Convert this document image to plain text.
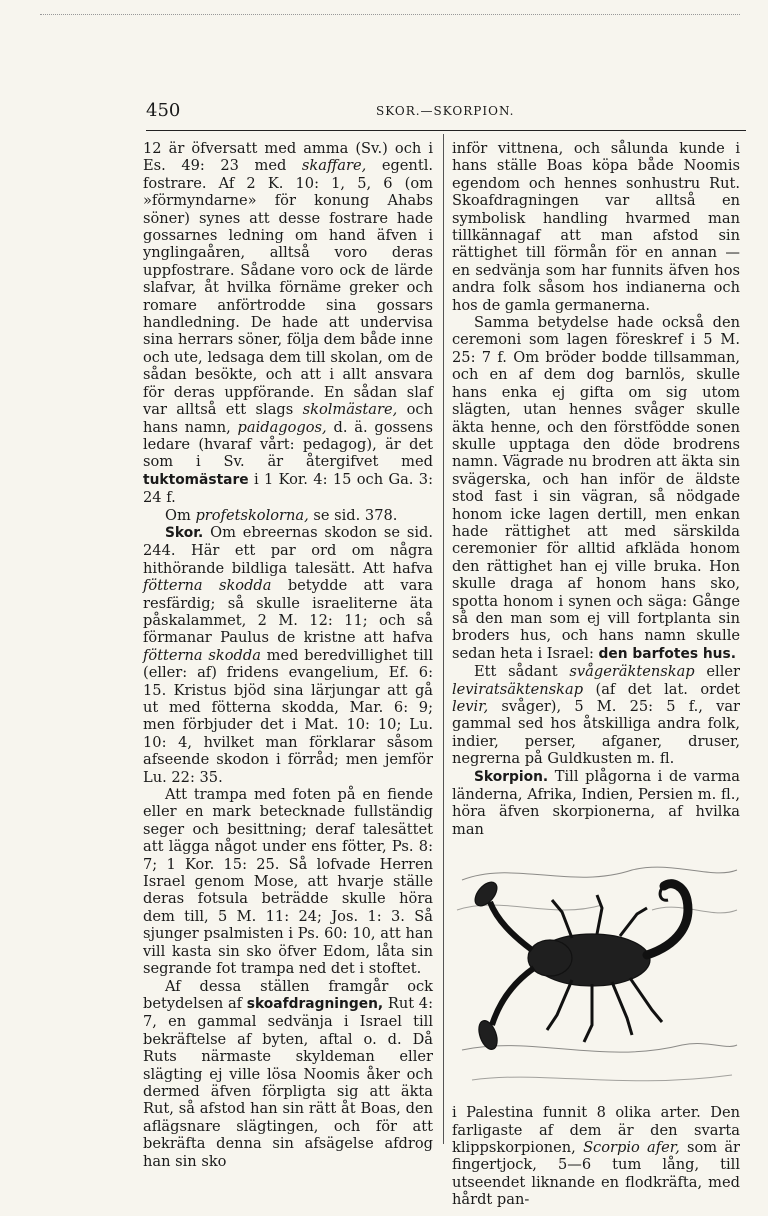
450	SKOR.—SKORPION.

12 är öfversatt med amma (Sv.) och i Es. 49: 23 med skaffare, egentl. fostrare. Af 2 K. 10: 1, 5, 6 (om »förmyndarne» för konung Ahabs söner) synes att desse fostrare hade gossarnes ledning om hand äfven i ynglingaåren, alltså voro deras uppfostrare. Sådane voro ock de lärde slafvar, åt hvilka förnäme greker och romare anförtrodde sina gossars handledning. De hade att undervisa sina herrars söner, följa dem både inne och ute, ledsaga dem till skolan, om de sådan besökte, och att i allt ansvara för deras uppförande. En sådan slaf var alltså ett slags skolmästare, och hans namn, paidagogos, d. ä. gossens ledare (hvaraf vårt: pedagog), är det som i Sv. är återgifvet med tuktomästare i 1 Kor. 4: 15 och Ga. 3: 24 f.

Om profetskolorna, se sid. 378.

Skor. Om ebreernas skodon se sid. 244. Här ett par ord om några hithörande bildliga talesätt. Att hafva fötterna skodda betydde att vara resfärdig; så skulle israeliterne äta påskalammet, 2 M. 12: 11; och så förmanar Paulus de kristne att hafva fötterna skodda med beredvillighet till (eller: af) fridens evangelium, Ef. 6: 15. Kristus bjöd sina lärjungar att gå ut med fötterna skodda, Mar. 6: 9; men förbjuder det i Mat. 10: 10; Lu. 10: 4, hvilket man förklarar såsom afseende skodon i förråd; men jemför Lu. 22: 35.

Att trampa med foten på en fiende eller en mark betecknade fullständig seger och besittning; deraf talesättet att lägga något under ens fötter, Ps. 8: 7; 1 Kor. 15: 25. Så lofvade Herren Israel genom Mose, att hvarje ställe deras fotsula beträdde skulle höra dem till, 5 M. 11: 24; Jos. 1: 3. Så sjunger psalmisten i Ps. 60: 10, att han vill kasta sin sko öfver Edom, låta sin segrande fot trampa ned det i stoftet.

Af dessa ställen framgår ock betydelsen af skoafdragningen, Rut 4: 7, en gammal sedvänja i Israel till bekräftelse af byten, aftal o. d. Då Ruts närmaste skyldeman eller slägting ej ville lösa Noomis åker och dermed äfven förpligta sig att äkta Rut, så afstod han sin rätt åt Boas, den aflägsnare slägtingen, och för att bekräfta denna sin afsägelse afdrog han sin sko

inför vittnena, och sålunda kunde i hans ställe Boas köpa både Noomis egendom och hennes sonhustru Rut. Skoafdragningen var alltså en symbolisk handling hvarmed man tillkännagaf att man afstod sin rättighet till förmån för en annan — en sedvänja som har funnits äfven hos andra folk såsom hos indianerna och hos de gamla germanerna.

Samma betydelse hade också den ceremoni som lagen föreskref i 5 M. 25: 7 f. Om bröder bodde tillsamman, och en af dem dog barnlös, skulle hans enka ej gifta om sig utom slägten, utan hennes svåger skulle äkta henne, och den förstfödde sonen skulle upptaga den döde brodrens namn. Vägrade nu brodren att äkta sin svägerska, och han inför de äldste stod fast i sin vägran, så nödgade honom icke lagen dertill, men enkan hade rättighet att med särskilda ceremonier för alltid afkläda honom den rättighet han ej ville bruka. Hon skulle draga af honom hans sko, spotta honom i synen och säga: Gånge så den man som ej vill fortplanta sin broders hus, och hans namn skulle sedan heta i Israel: den barfotes hus.

Ett sådant svågeräktenskap eller leviratsäktenskap (af det lat. ordet levir, svåger), 5 M. 25: 5 f., var gammal sed hos åtskilliga andra folk, indier, perser, afganer, druser, negrerna på Guldkusten m. fl.

Skorpion. Till plågorna i de varma länderna, Afrika, Indien, Persien m. fl., höra äfven skorpionerna, af hvilka man

i Palestina funnit 8 olika arter. Den farligaste af dem är den svarta klippskorpionen, Scorpio afer, som är fingertjock, 5—6 tum lång, till utseendet liknande en flodkräfta, med hårdt pan-
